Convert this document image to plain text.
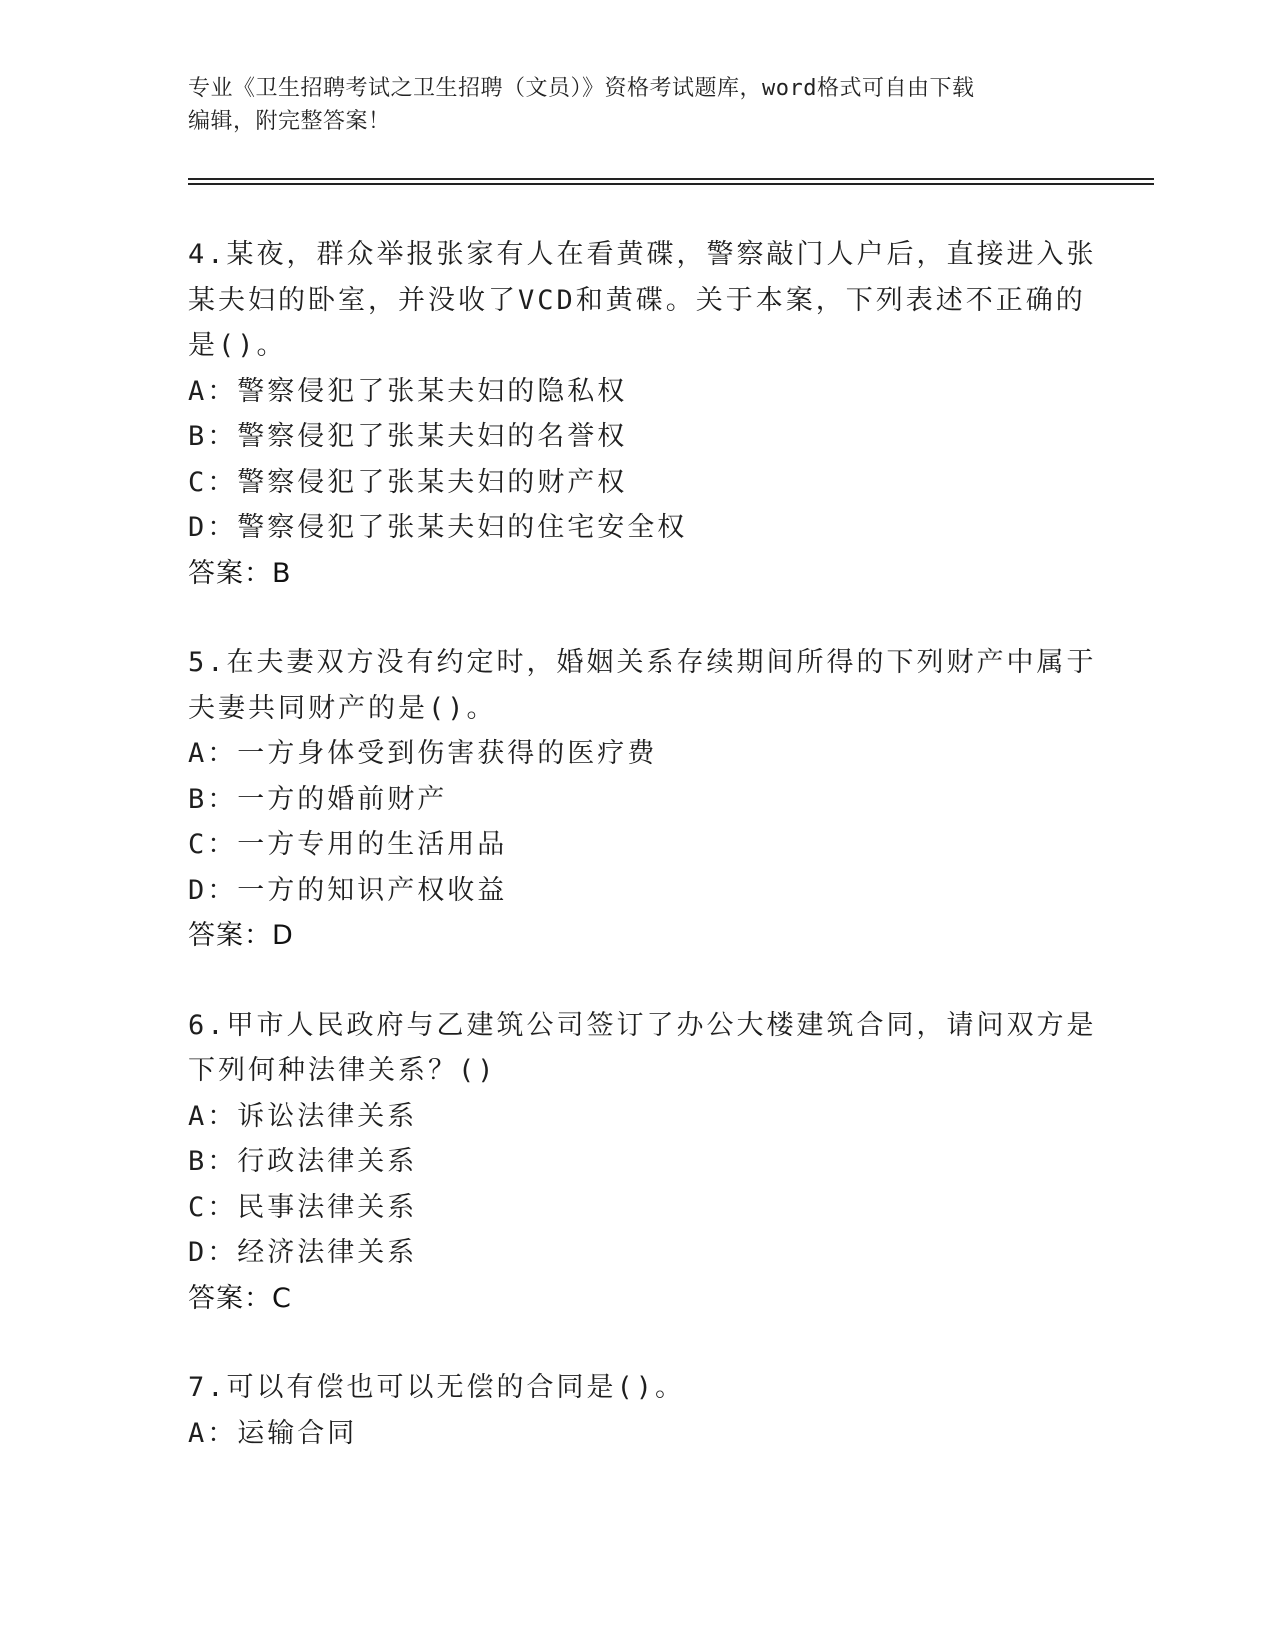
专业《卫生招聘考试之卫生招聘（文员）》资格考试题库，word格式可自由下载
编辑，附完整答案！
4.某夜，群众举报张家有人在看黄碟，警察敲门人户后，直接进入张
某夫妇的卧室，并没收了VCD和黄碟。关于本案，下列表述不正确的
是()。
A：警察侵犯了张某夫妇的隐私权
B：警察侵犯了张某夫妇的名誉权
C：警察侵犯了张某夫妇的财产权
D：警察侵犯了张某夫妇的住宅安全权
答案：B
5.在夫妻双方没有约定时，婚姻关系存续期间所得的下列财产中属于
夫妻共同财产的是()。
A：一方身体受到伤害获得的医疗费
B：一方的婚前财产
C：一方专用的生活用品
D：一方的知识产权收益
答案：D
6.甲市人民政府与乙建筑公司签订了办公大楼建筑合同，请问双方是
下列何种法律关系？()
A：诉讼法律关系
B：行政法律关系
C：民事法律关系
D：经济法律关系
答案：C
7.可以有偿也可以无偿的合同是()。
A：运输合同
